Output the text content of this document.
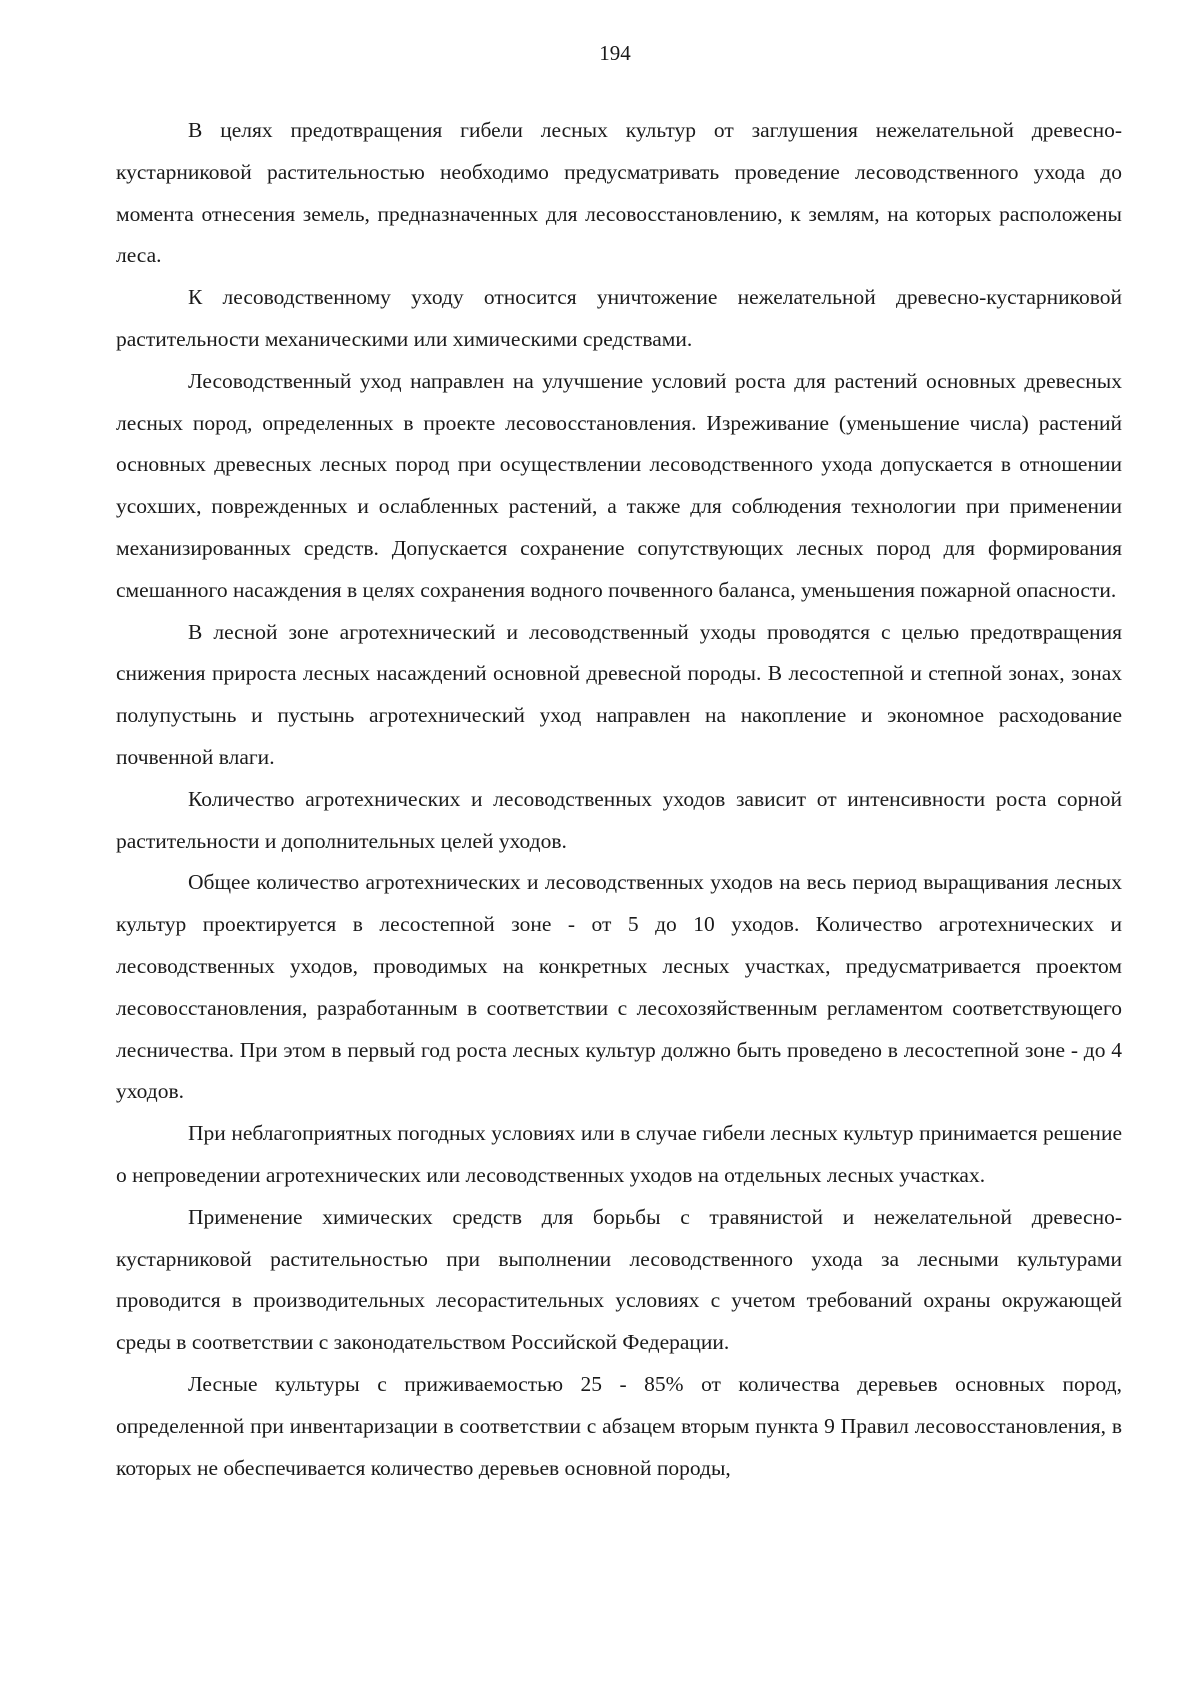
194

В целях предотвращения гибели лесных культур от заглушения нежелательной древесно-кустарниковой растительностью необходимо предусматривать проведение лесоводственного ухода до момента отнесения земель, предназначенных для лесовосстановлению, к землям, на которых расположены леса.

К лесоводственному уходу относится уничтожение нежелательной древесно-кустарниковой растительности механическими или химическими средствами.

Лесоводственный уход направлен на улучшение условий роста для растений основных древесных лесных пород, определенных в проекте лесовосстановления. Изреживание (уменьшение числа) растений основных древесных лесных пород при осуществлении лесоводственного ухода допускается в отношении усохших, поврежденных и ослабленных растений, а также для соблюдения технологии при применении механизированных средств. Допускается сохранение сопутствующих лесных пород для формирования смешанного насаждения в целях сохранения водного почвенного баланса, уменьшения пожарной опасности.

В лесной зоне агротехнический и лесоводственный уходы проводятся с целью предотвращения снижения прироста лесных насаждений основной древесной породы. В лесостепной и степной зонах, зонах полупустынь и пустынь агротехнический уход направлен на накопление и экономное расходование почвенной влаги.

Количество агротехнических и лесоводственных уходов зависит от интенсивности роста сорной растительности и дополнительных целей уходов.

Общее количество агротехнических и лесоводственных уходов на весь период выращивания лесных культур проектируется в лесостепной зоне - от 5 до 10 уходов. Количество агротехнических и лесоводственных уходов, проводимых на конкретных лесных участках, предусматривается проектом лесовосстановления, разработанным в соответствии с лесохозяйственным регламентом соответствующего лесничества. При этом в первый год роста лесных культур должно быть проведено в лесостепной зоне - до 4 уходов.

При неблагоприятных погодных условиях или в случае гибели лесных культур принимается решение о непроведении агротехнических или лесоводственных уходов на отдельных лесных участках.

Применение химических средств для борьбы с травянистой и нежелательной древесно-кустарниковой растительностью при выполнении лесоводственного ухода за лесными культурами проводится в производительных лесорастительных условиях с учетом требований охраны окружающей среды в соответствии с законодательством Российской Федерации.

Лесные культуры с приживаемостью 25 - 85% от количества деревьев основных пород, определенной при инвентаризации в соответствии с абзацем вторым пункта 9 Правил лесовосстановления, в которых не обеспечивается количество деревьев основной породы,
